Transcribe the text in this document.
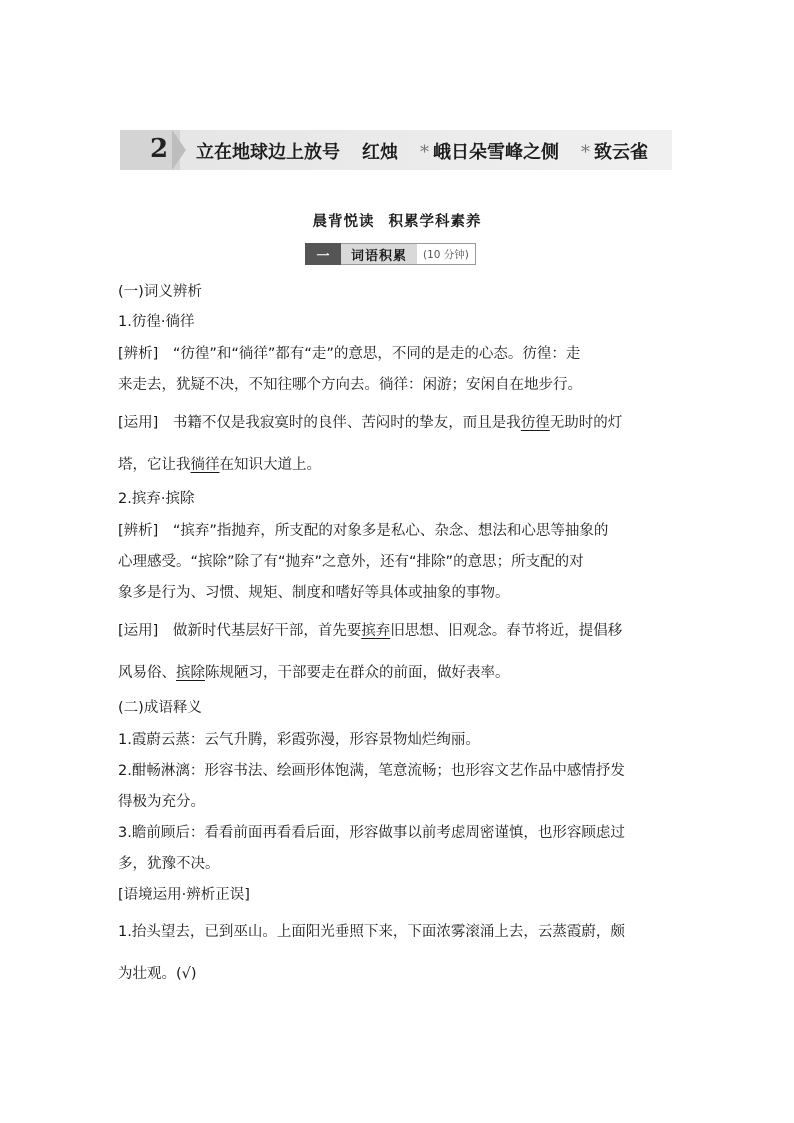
2 立在地球边上放号 红烛 * 峨日朵雪峰之侧 * 致云雀
晨背悦读 积累学科素养
一	词语积累	(10 分钟)
(一)词义辨析
1.彷徨·徜徉
[辨析]　“彷徨”和“徜徉”都有“走”的意思，不同的是走的心态。彷徨：走
来走去，犹疑不决，不知往哪个方向去。徜徉：闲游；安闲自在地步行。
[运用]　书籍不仅是我寂寞时的良伴、苦闷时的挚友，而且是我彷徨无助时的灯
塔，它让我徜徉在知识大道上。
2.摈弃·摈除
[辨析]　“摈弃”指抛弃，所支配的对象多是私心、杂念、想法和心思等抽象的
心理感受。“摈除”除了有“抛弃”之意外，还有“排除”的意思；所支配的对
象多是行为、习惯、规矩、制度和嗜好等具体或抽象的事物。
[运用]　做新时代基层好干部，首先要摈弃旧思想、旧观念。春节将近，提倡移
风易俗、摈除陈规陋习，干部要走在群众的前面，做好表率。
(二)成语释义
1.霞蔚云蒸：云气升腾，彩霞弥漫，形容景物灿烂绚丽。
2.酣畅淋漓：形容书法、绘画形体饱满，笔意流畅；也形容文艺作品中感情抒发
得极为充分。
3.瞻前顾后：看看前面再看看后面，形容做事以前考虑周密谨慎，也形容顾虑过
多，犹豫不决。
[语境运用·辨析正误]
1.抬头望去，已到巫山。上面阳光垂照下来，下面浓雾滚涌上去，云蒸霞蔚，颇
为壮观。(√)
